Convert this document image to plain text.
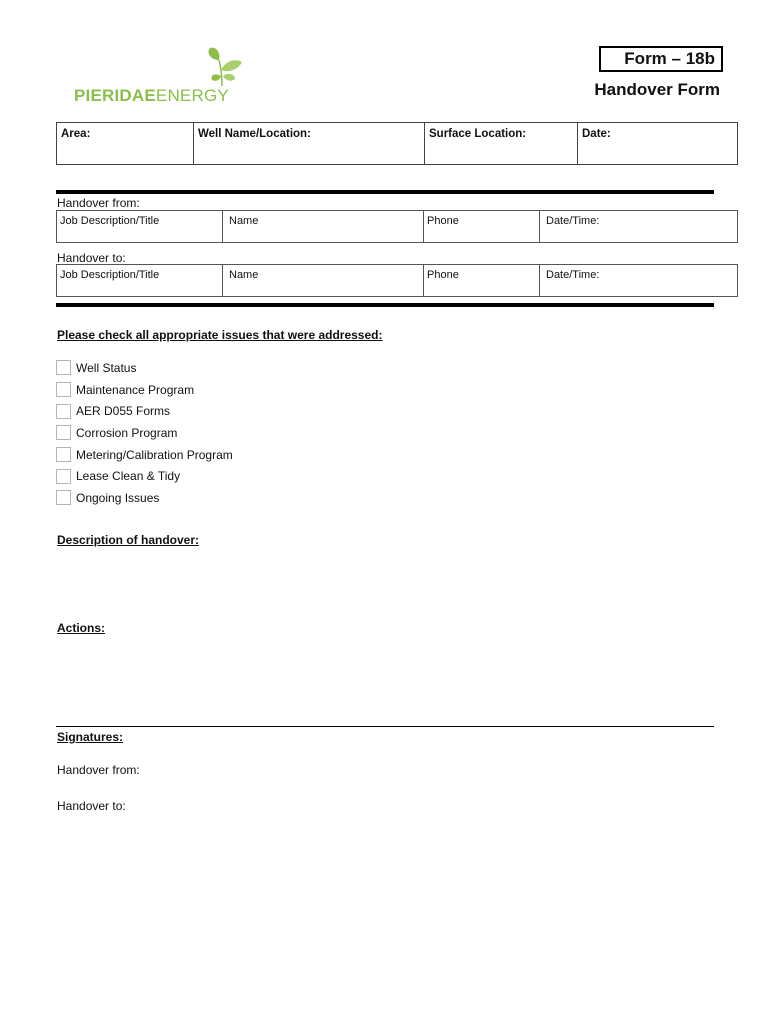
PIERIDAEENERGY
Form – 18b
Handover Form
Area:	Well Name/Location:	Surface Location:	Date:
Handover from:
Job Description/Title	Name	Phone	Date/Time:
Handover to:
Job Description/Title	Name	Phone	Date/Time:
Please check all appropriate issues that were addressed:
Well Status
Maintenance Program
AER D055 Forms
Corrosion Program
Metering/Calibration Program
Lease Clean & Tidy
Ongoing Issues
Description of handover:
Actions:
Signatures:
Handover from:
Handover to:
